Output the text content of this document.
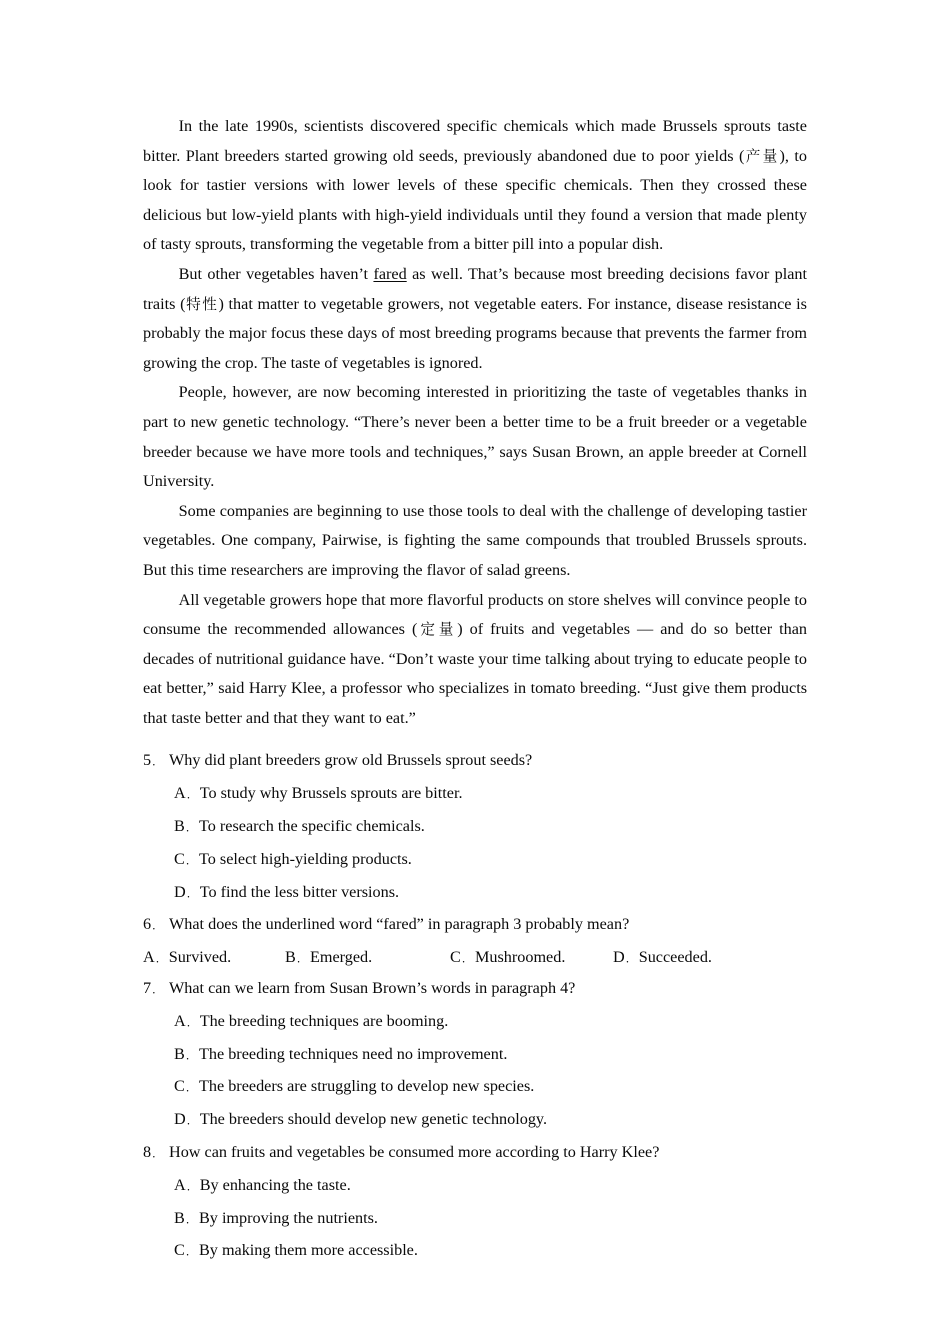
In the late 1990s, scientists discovered specific chemicals which made Brussels sprouts taste bitter. Plant breeders started growing old seeds, previously abandoned due to poor yields (产量), to look for tastier versions with lower levels of these specific chemicals. Then they crossed these delicious but low-yield plants with high-yield individuals until they found a version that made plenty of tasty sprouts, transforming the vegetable from a bitter pill into a popular dish.
But other vegetables haven’t fared as well. That’s because most breeding decisions favor plant traits (特性) that matter to vegetable growers, not vegetable eaters. For instance, disease resistance is probably the major focus these days of most breeding programs because that prevents the farmer from growing the crop. The taste of vegetables is ignored.
People, however, are now becoming interested in prioritizing the taste of vegetables thanks in part to new genetic technology. “There’s never been a better time to be a fruit breeder or a vegetable breeder because we have more tools and techniques,” says Susan Brown, an apple breeder at Cornell University.
Some companies are beginning to use those tools to deal with the challenge of developing tastier vegetables. One company, Pairwise, is fighting the same compounds that troubled Brussels sprouts. But this time researchers are improving the flavor of salad greens.
All vegetable growers hope that more flavorful products on store shelves will convince people to consume the recommended allowances (定量) of fruits and vegetables — and do so better than decades of nutritional guidance have. “Don’t waste your time talking about trying to educate people to eat better,” said Harry Klee, a professor who specializes in tomato breeding. “Just give them products that taste better and that they want to eat.”
5． Why did plant breeders grow old Brussels sprout seeds?
A． To study why Brussels sprouts are bitter.
B． To research the specific chemicals.
C． To select high-yielding products.
D． To find the less bitter versions.
6． What does the underlined word “fared” in paragraph 3 probably mean?
A． Survived.	B． Emerged.	C． Mushroomed.	D． Succeeded.
7． What can we learn from Susan Brown’s words in paragraph 4?
A． The breeding techniques are booming.
B． The breeding techniques need no improvement.
C． The breeders are struggling to develop new species.
D． The breeders should develop new genetic technology.
8． How can fruits and vegetables be consumed more according to Harry Klee?
A． By enhancing the taste.
B． By improving the nutrients.
C． By making them more accessible.
